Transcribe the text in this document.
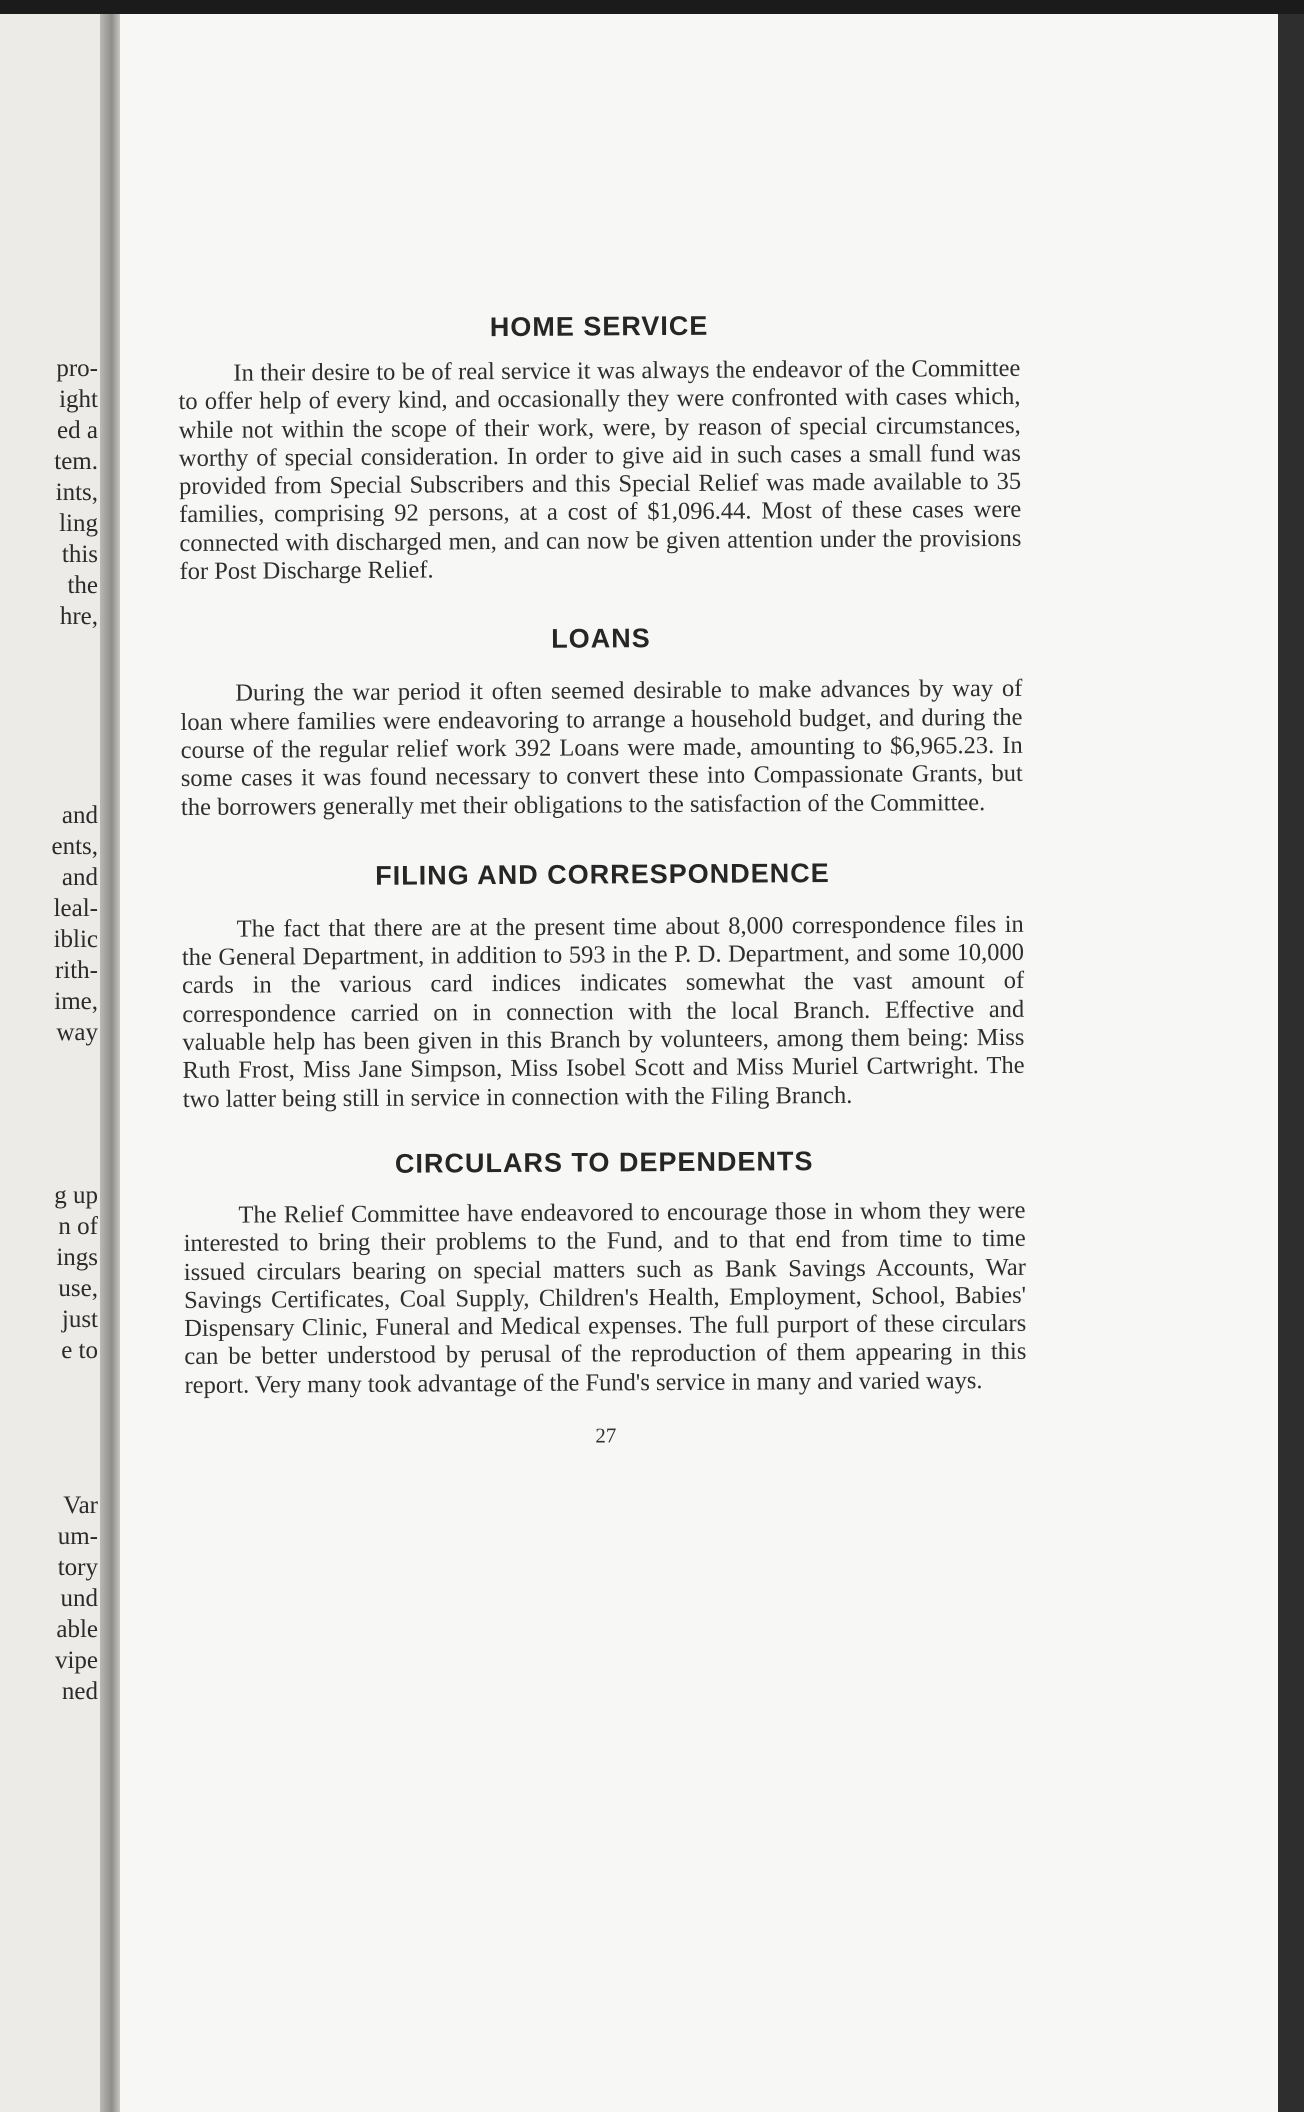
pro-
ight
ed a
tem.
ints,
ling
this
the
hre,
and
ents,
and
leal-
iblic
rith-
ime,
way
g up
n of
ings
use,
just
e to
Var
um-
tory
und
able
vipe
ned
HOME SERVICE

In their desire to be of real service it was always the endeavor of the Committee to offer help of every kind, and occasionally they were confronted with cases which, while not within the scope of their work, were, by reason of special circumstances, worthy of special consideration. In order to give aid in such cases a small fund was provided from Special Subscribers and this Special Relief was made available to 35 families, comprising 92 persons, at a cost of $1,096.44. Most of these cases were connected with discharged men, and can now be given attention under the provisions for Post Discharge Relief.

LOANS

During the war period it often seemed desirable to make advances by way of loan where families were endeavoring to arrange a household budget, and during the course of the regular relief work 392 Loans were made, amounting to $6,965.23. In some cases it was found necessary to convert these into Compassionate Grants, but the borrowers generally met their obligations to the satisfaction of the Committee.

FILING AND CORRESPONDENCE

The fact that there are at the present time about 8,000 correspondence files in the General Department, in addition to 593 in the P. D. Department, and some 10,000 cards in the various card indices indicates somewhat the vast amount of correspondence carried on in connection with the local Branch. Effective and valuable help has been given in this Branch by volunteers, among them being: Miss Ruth Frost, Miss Jane Simpson, Miss Isobel Scott and Miss Muriel Cartwright. The two latter being still in service in connection with the Filing Branch.

CIRCULARS TO DEPENDENTS

The Relief Committee have endeavored to encourage those in whom they were interested to bring their problems to the Fund, and to that end from time to time issued circulars bearing on special matters such as Bank Savings Accounts, War Savings Certificates, Coal Supply, Children's Health, Employment, School, Babies' Dispensary Clinic, Funeral and Medical expenses. The full purport of these circulars can be better understood by perusal of the reproduction of them appearing in this report. Very many took advantage of the Fund's service in many and varied ways.

27
